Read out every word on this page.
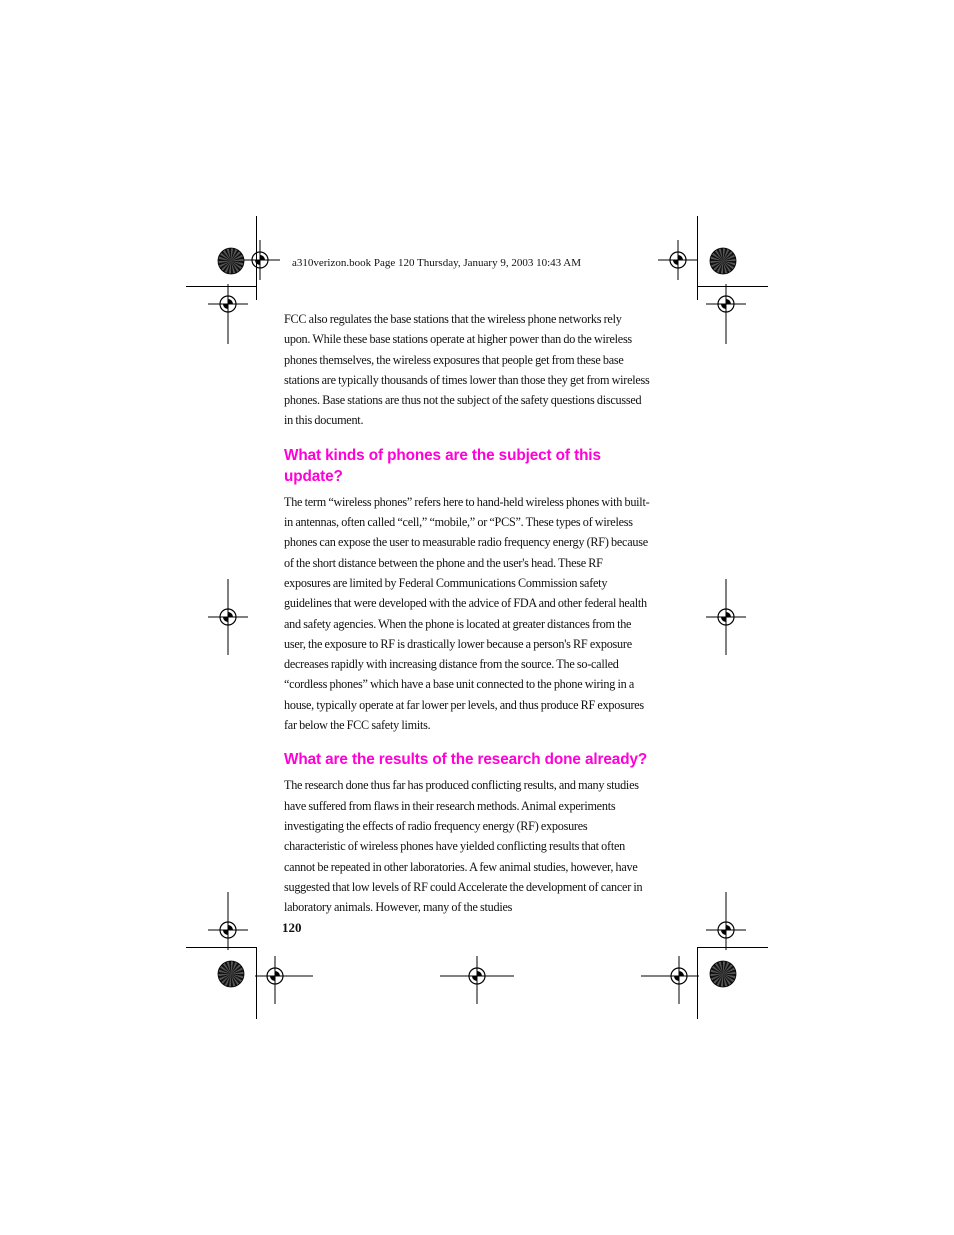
a310verizon.book Page 120 Thursday, January 9, 2003 10:43 AM

FCC also regulates the base stations that the wireless phone networks rely upon. While these base stations operate at higher power than do the wireless phones themselves, the wireless exposures that people get from these base stations are typically thousands of times lower than those they get from wireless phones. Base stations are thus not the subject of the safety questions discussed in this document.

What kinds of phones are the subject of this update?

The term “wireless phones” refers here to hand-held wireless phones with built-in antennas, often called “cell,” “mobile,” or “PCS”. These types of wireless phones can expose the user to measurable radio frequency energy (RF) because of the short distance between the phone and the user's head. These RF exposures are limited by Federal Communications Commission safety guidelines that were developed with the advice of FDA and other federal health and safety agencies. When the phone is located at greater distances from the user, the exposure to RF is drastically lower because a person's RF exposure decreases rapidly with increasing distance from the source. The so-called “cordless phones” which have a base unit connected to the phone wiring in a house, typically operate at far lower per levels, and thus produce RF exposures far below the FCC safety limits.

What are the results of the research done already?

The research done thus far has produced conflicting results, and many studies have suffered from flaws in their research methods. Animal experiments investigating the effects of radio frequency energy (RF) exposures characteristic of wireless phones have yielded conflicting results that often cannot be repeated in other laboratories. A few animal studies, however, have suggested that low levels of RF could Accelerate the development of cancer in laboratory animals. However, many of the studies

120
